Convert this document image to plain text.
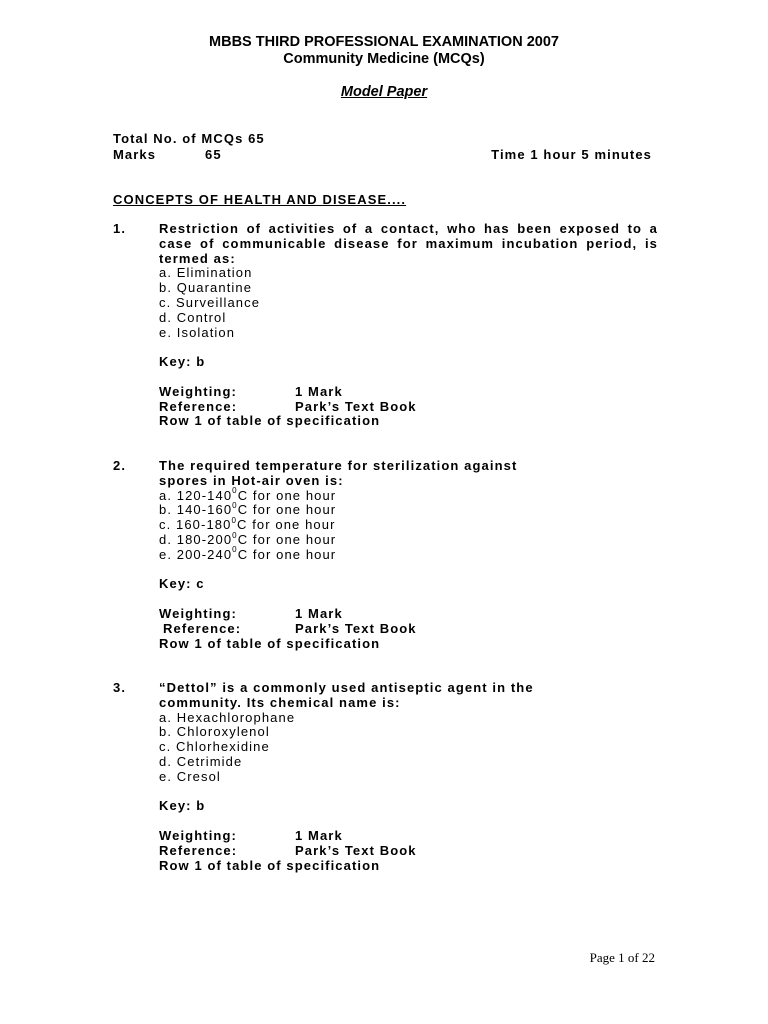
MBBS THIRD PROFESSIONAL EXAMINATION 2007
Community Medicine (MCQs)
Model Paper
Total No. of MCQs 65
Marks	65	Time 1 hour 5 minutes
CONCEPTS OF HEALTH AND DISEASE....
1.	Restriction of activities of a contact, who has been exposed to a case of communicable disease for maximum incubation period, is termed as:
a. Elimination
b. Quarantine
c. Surveillance
d. Control
e. Isolation
Key: b
Weighting:	1 Mark
Reference:	Park’s Text Book
Row 1 of table of specification
2.	The required temperature for sterilization against
spores in Hot-air oven is:
a. $120-140^0C$ for one hour
b. $140-160^0C$ for one hour
c. $160-180^0C$ for one hour
d. $180-200^0C$ for one hour
e. $200-240^0C$ for one hour
Key: c
Weighting:	1 Mark
Reference:	Park’s Text Book
Row 1 of table of specification
3.	“Dettol” is a commonly used antiseptic agent in the
community. Its chemical name is:
a. Hexachlorophane
b. Chloroxylenol
c. Chlorhexidine
d. Cetrimide
e. Cresol
Key: b
Weighting:	1 Mark
Reference:	Park’s Text Book
Row 1 of table of specification
Page 1 of 22
